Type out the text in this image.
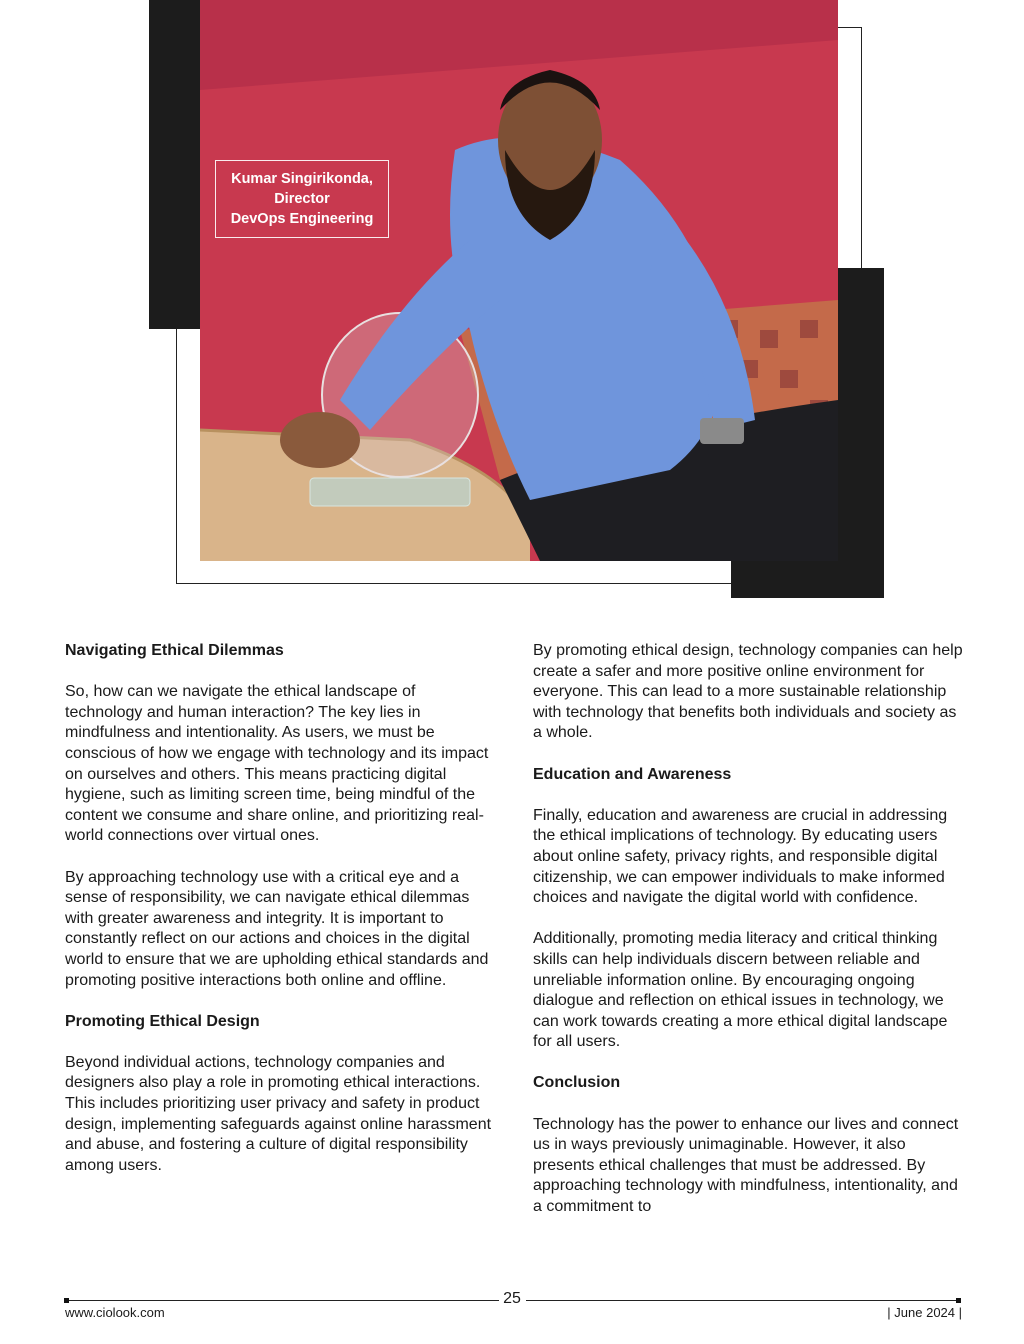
Kumar Singirikonda,
Director
DevOps Engineering
Navigating Ethical Dilemmas

So, how can we navigate the ethical landscape of technology and human interaction? The key lies in mindfulness and intentionality. As users, we must be conscious of how we engage with technology and its impact on ourselves and others. This means practicing digital hygiene, such as limiting screen time, being mindful of the content we consume and share online, and prioritizing real-world connections over virtual ones.

By approaching technology use with a critical eye and a sense of responsibility, we can navigate ethical dilemmas with greater awareness and integrity. It is important to constantly reflect on our actions and choices in the digital world to ensure that we are upholding ethical standards and promoting positive interactions both online and offline.

Promoting Ethical Design

Beyond individual actions, technology companies and designers also play a role in promoting ethical interactions. This includes prioritizing user privacy and safety in product design, implementing safeguards against online harassment and abuse, and fostering a culture of digital responsibility among users.

By promoting ethical design, technology companies can help create a safer and more positive online environment for everyone. This can lead to a more sustainable relationship with technology that benefits both individuals and society as a whole.

Education and Awareness

Finally, education and awareness are crucial in addressing the ethical implications of technology. By educating users about online safety, privacy rights, and responsible digital citizenship, we can empower individuals to make informed choices and navigate the digital world with confidence.

Additionally, promoting media literacy and critical thinking skills can help individuals discern between reliable and unreliable information online. By encouraging ongoing dialogue and reflection on ethical issues in technology, we can work towards creating a more ethical digital landscape for all users.

Conclusion

Technology has the power to enhance our lives and connect us in ways previously unimaginable. However, it also presents ethical challenges that must be addressed. By approaching technology with mindfulness, intentionality, and a commitment to

25
www.ciolook.com	| June 2024 |
